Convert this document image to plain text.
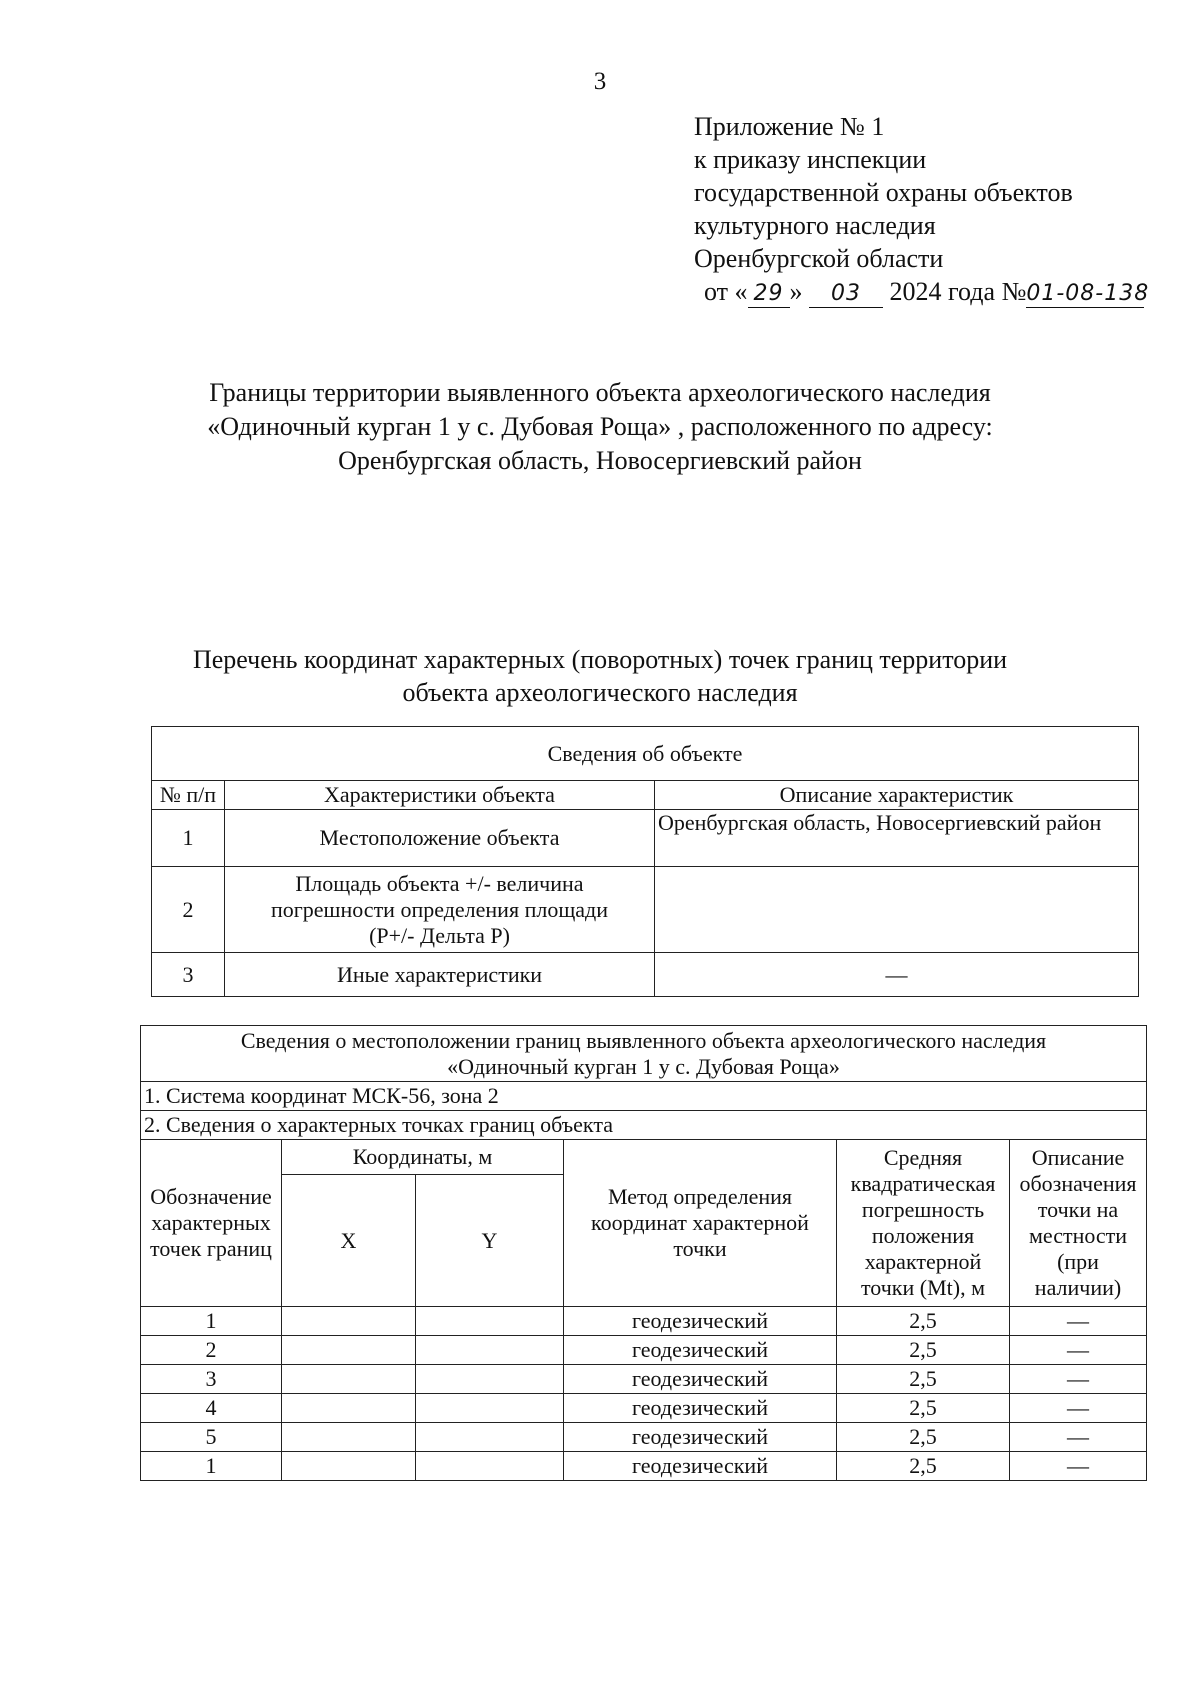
3
Приложение № 1
к приказу инспекции
государственной охраны объектов
культурного наследия
Оренбургской области
от « 29 » 03 2024 года №01-08-138
Границы территории выявленного объекта археологического наследия
«Одиночный курган 1 у с. Дубовая Роща» , расположенного по адресу:
Оренбургская область, Новосергиевский район
Перечень координат характерных (поворотных) точек границ территории
объекта археологического наследия
Сведения об объекте		
№ п/п	Характеристики объекта	Описание характеристик
1	Местоположение объекта	Оренбургская область, Новосергиевский район
2	Площадь объекта +/- величина погрешности определения площади (P+/- Дельта P)	
3	Иные характеристики	—
Сведения о местоположении границ выявленного объекта археологического наследия
«Одиночный курган 1 у с. Дубовая Роща»					

1. Система координат МСК-56, зона 2					
2. Сведения о характерных точках границ объекта					
Обозначение характерных точек границ	Координаты, м		Метод определения координат характерной точки	Средняя квадратическая погрешность положения характерной точки (Mt), м	Описание обозначения точки на местности (при наличии)
	X	Y			
1			геодезический	2,5	—
2			геодезический	2,5	—
3			геодезический	2,5	—
4			геодезический	2,5	—
5			геодезический	2,5	—
1			геодезический	2,5	—
